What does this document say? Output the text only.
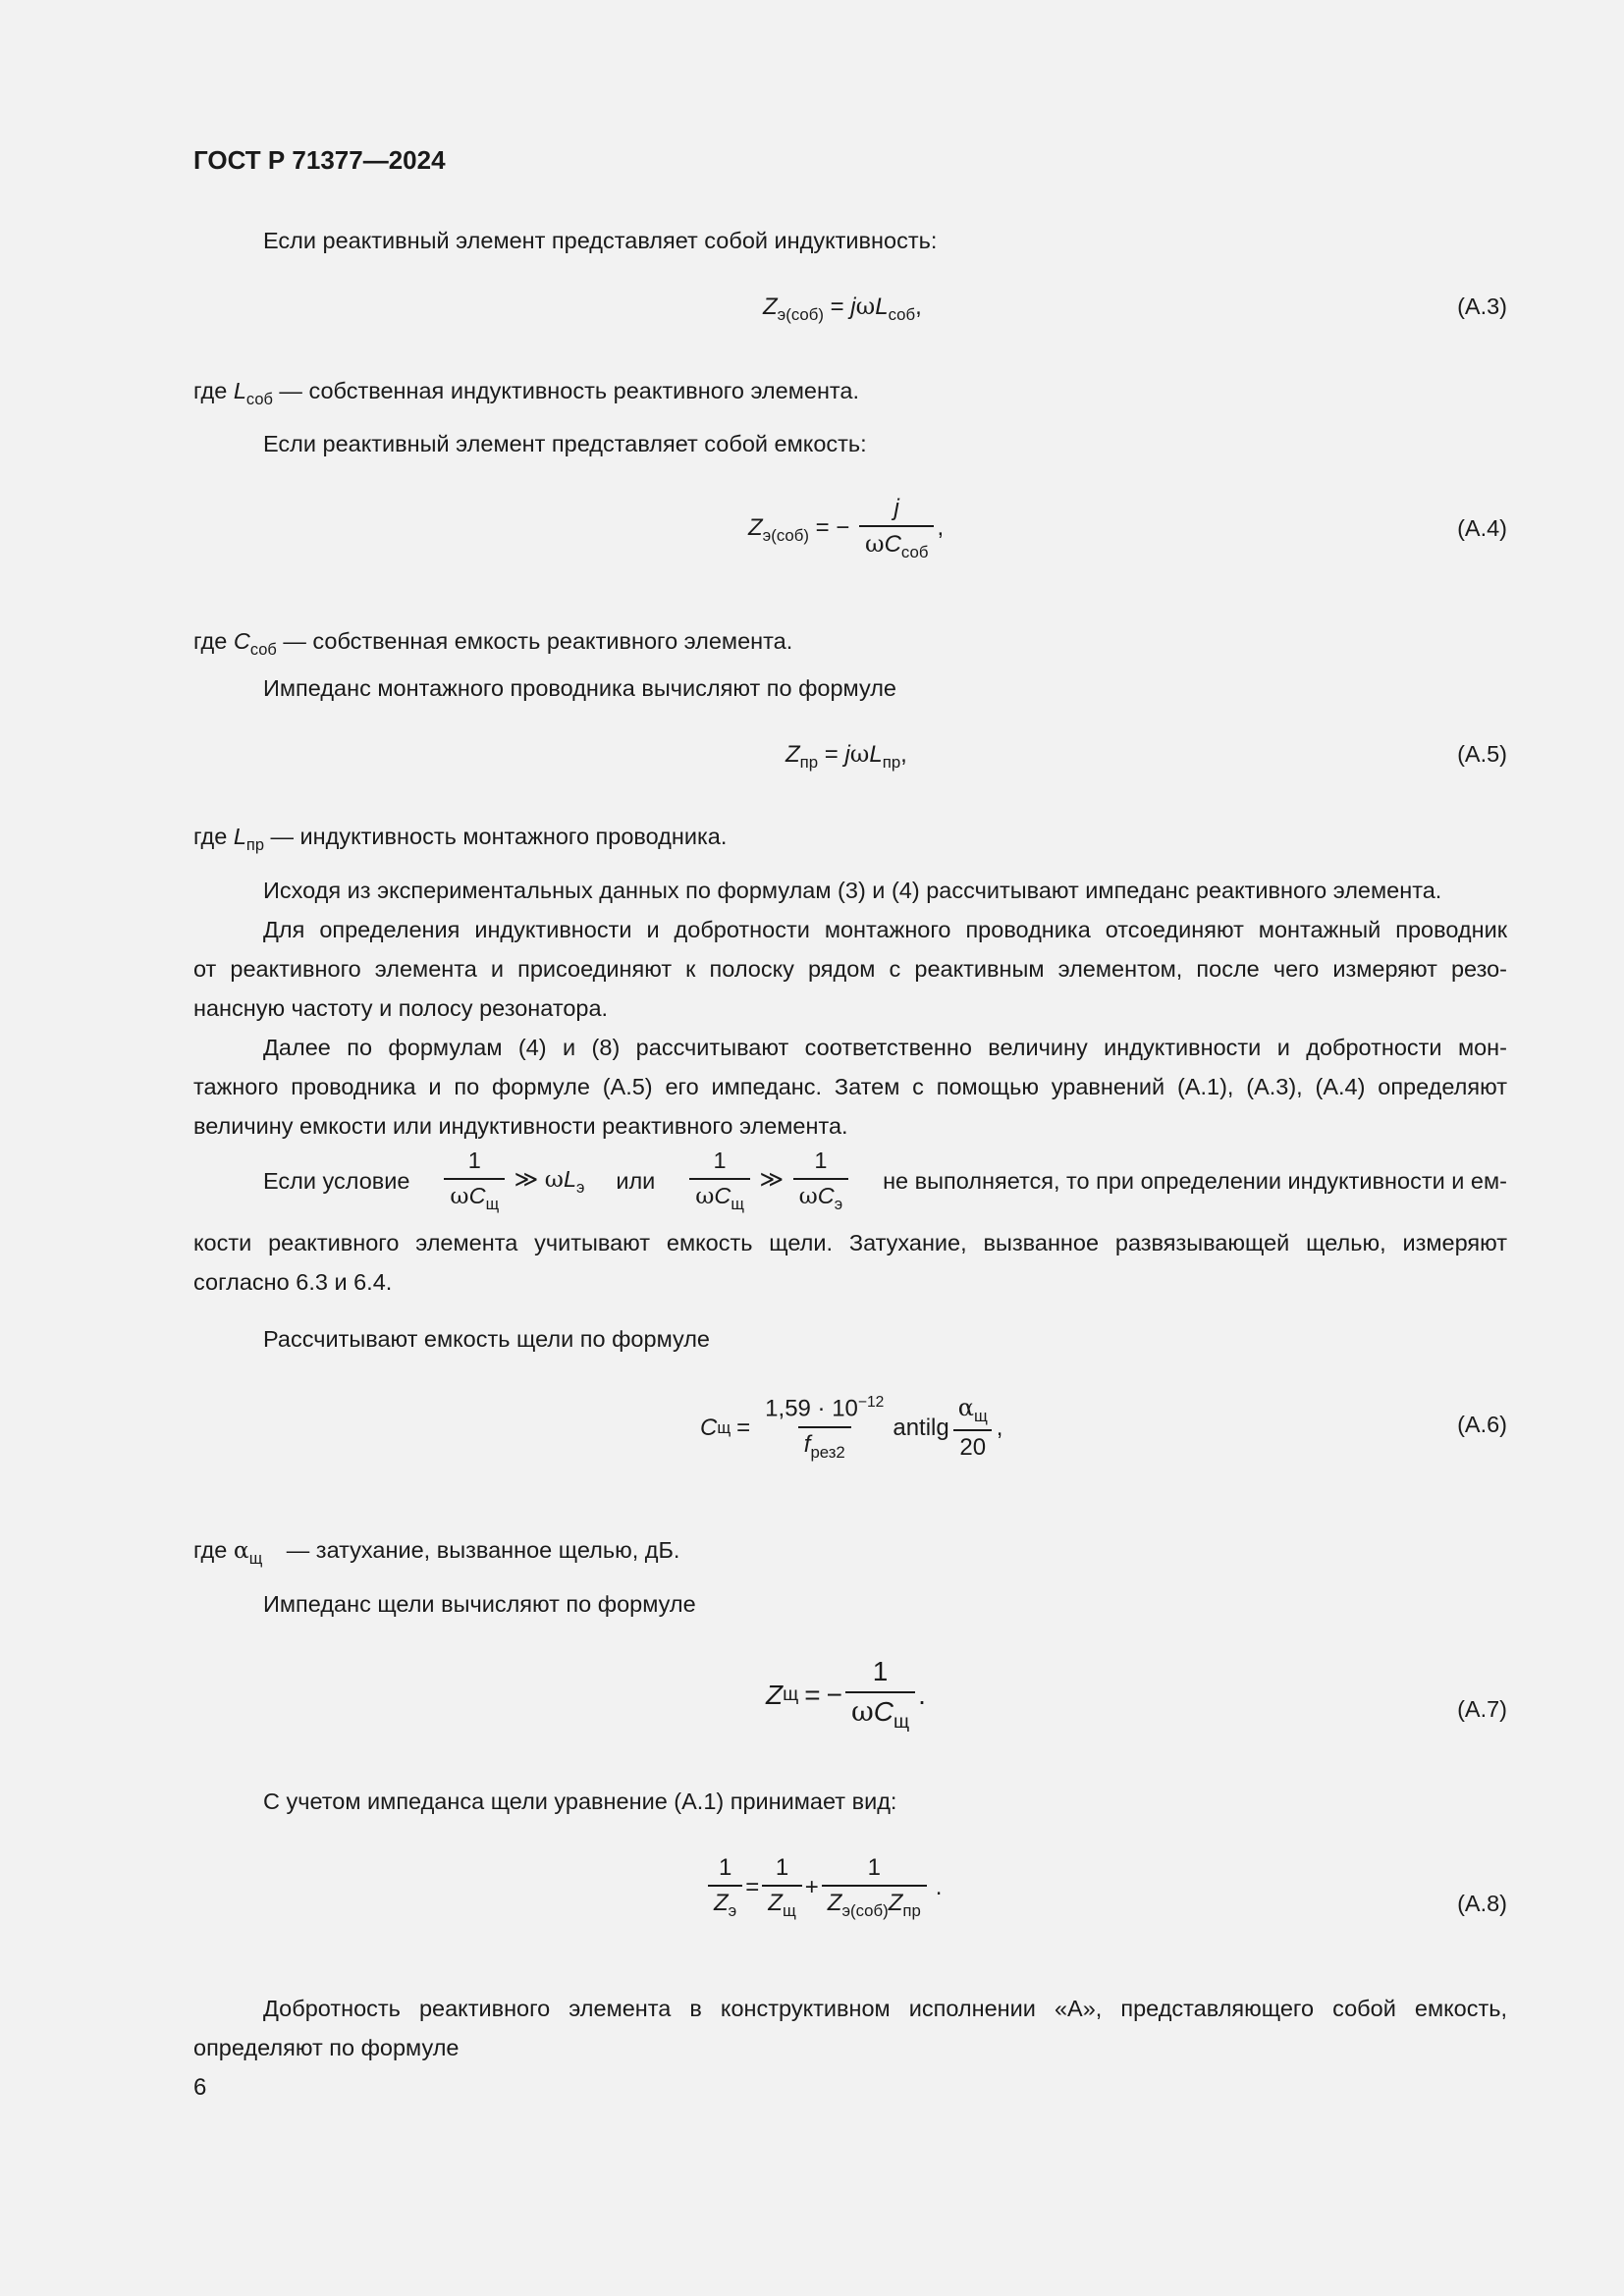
ГОСТ Р 71377—2024
Если реактивный элемент представляет собой индуктивность:
$Z_{э(соб)} = j\omega L_{соб}$,	(А.3)
где $L_{соб}$ — собственная индуктивность реактивного элемента.
Если реактивный элемент представляет собой емкость:
$Z_{э(соб)}$ = − $\frac{j}{\omega C_{соб}}$ ,	(А.4)
где $C_{соб}$ — собственная емкость реактивного элемента.
Импеданс монтажного проводника вычисляют по формуле
$Z_{пр} = j\omega L_{пр}$,	(А.5)
где $L_{пр}$ — индуктивность монтажного проводника.
Исходя из экспериментальных данных по формулам (3) и (4) рассчитывают импеданс реактивного элемента.
Для определения индуктивности и добротности монтажного проводника отсоединяют монтажный проводник
от реактивного элемента и присоединяют к полоску рядом с реактивным элементом, после чего измеряют резо-
нансную частоту и полосу резонатора.
Далее по формулам (4) и (8) рассчитывают соответственно величину индуктивности и добротности мон-
тажного проводника и по формуле (А.5) его импеданс. Затем с помощью уравнений (А.1), (А.3), (А.4) определяют
величину емкости или индуктивности реактивного элемента.
Если условие $\frac{1}{\omega C_щ}$ ≫ $\omega L_э$ или $\frac{1}{\omega C_щ}$ ≫ $\frac{1}{\omega C_э}$ не выполняется, то при определении индуктивности и ем-
кости реактивного элемента учитывают емкость щели. Затухание, вызванное развязывающей щелью, измеряют
согласно 6.3 и 6.4.
Рассчитывают емкость щели по формуле
C $щ = \frac{1,59 \cdot 10^{-12}}{f_{рез2}}$ antilg $\frac{\alpha_щ}{20}$ ,	(А.6)
где $\alpha_щ$ — затухание, вызванное щелью, дБ.
Импеданс щели вычисляют по формуле
Z щ = − $\frac{1}{\omega C_щ}$ .	(А.7)
С учетом импеданса щели уравнение (А.1) принимает вид:
$\frac{1}{Z_э} = \frac{1}{Z_щ} + \frac{1}{Z_{э(соб)}Z_{пр}}$ .
(А.8)
Добротность реактивного элемента в конструктивном исполнении «А», представляющего собой емкость,
определяют по формуле
6
